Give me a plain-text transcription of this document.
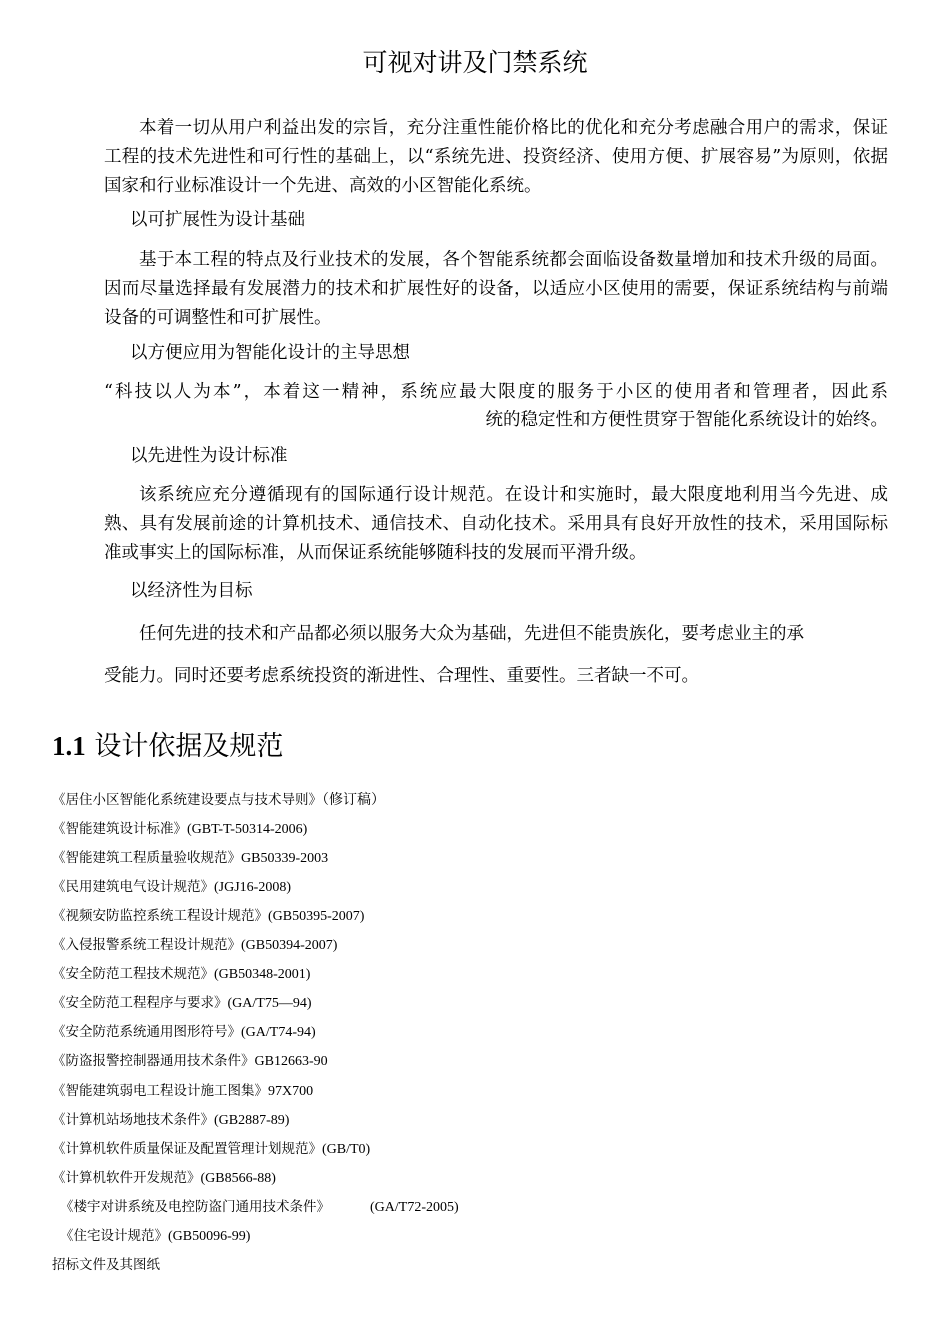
可视对讲及门禁系统

本着一切从用户利益出发的宗旨，充分注重性能价格比的优化和充分考虑融合用户的需求，保证工程的技术先进性和可行性的基础上，以“系统先进、投资经济、使用方便、扩展容易”为原则，依据国家和行业标准设计一个先进、高效的小区智能化系统。

以可扩展性为设计基础

基于本工程的特点及行业技术的发展，各个智能系统都会面临设备数量增加和技术升级的局面。因而尽量选择最有发展潜力的技术和扩展性好的设备，以适应小区使用的需要，保证系统结构与前端设备的可调整性和可扩展性。

以方便应用为智能化设计的主导思想

“科技以人为本”，本着这一精神，系统应最大限度的服务于小区的使用者和管理者，因此系

统的稳定性和方便性贯穿于智能化系统设计的始终。

以先进性为设计标准

该系统应充分遵循现有的国际通行设计规范。在设计和实施时，最大限度地利用当今先进、成熟、具有发展前途的计算机技术、通信技术、自动化技术。采用具有良好开放性的技术，采用国际标准或事实上的国际标准，从而保证系统能够随科技的发展而平滑升级。

以经济性为目标

任何先进的技术和产品都必须以服务大众为基础，先进但不能贵族化，要考虑业主的承

受能力。同时还要考虑系统投资的渐进性、合理性、重要性。三者缺一不可。

1.1 设计依据及规范

《居住小区智能化系统建设要点与技术导则》（修订稿）

《智能建筑设计标准》(GBT-T-50314-2006)

《智能建筑工程质量验收规范》GB50339-2003

《民用建筑电气设计规范》(JGJ16-2008)

《视频安防监控系统工程设计规范》(GB50395-2007)

《入侵报警系统工程设计规范》(GB50394-2007)

《安全防范工程技术规范》(GB50348-2001)

《安全防范工程程序与要求》(GA/T75—94)

《安全防范系统通用图形符号》(GA/T74-94)

《防盗报警控制器通用技术条件》GB12663-90

《智能建筑弱电工程设计施工图集》97X700

《计算机站场地技术条件》(GB2887-89)

《计算机软件质量保证及配置管理计划规范》(GB/T0)

《计算机软件开发规范》(GB8566-88)

《楼宇对讲系统及电控防盗门通用技术条件》	(GA/T72-2005)

《住宅设计规范》(GB50096-99)

招标文件及其图纸
